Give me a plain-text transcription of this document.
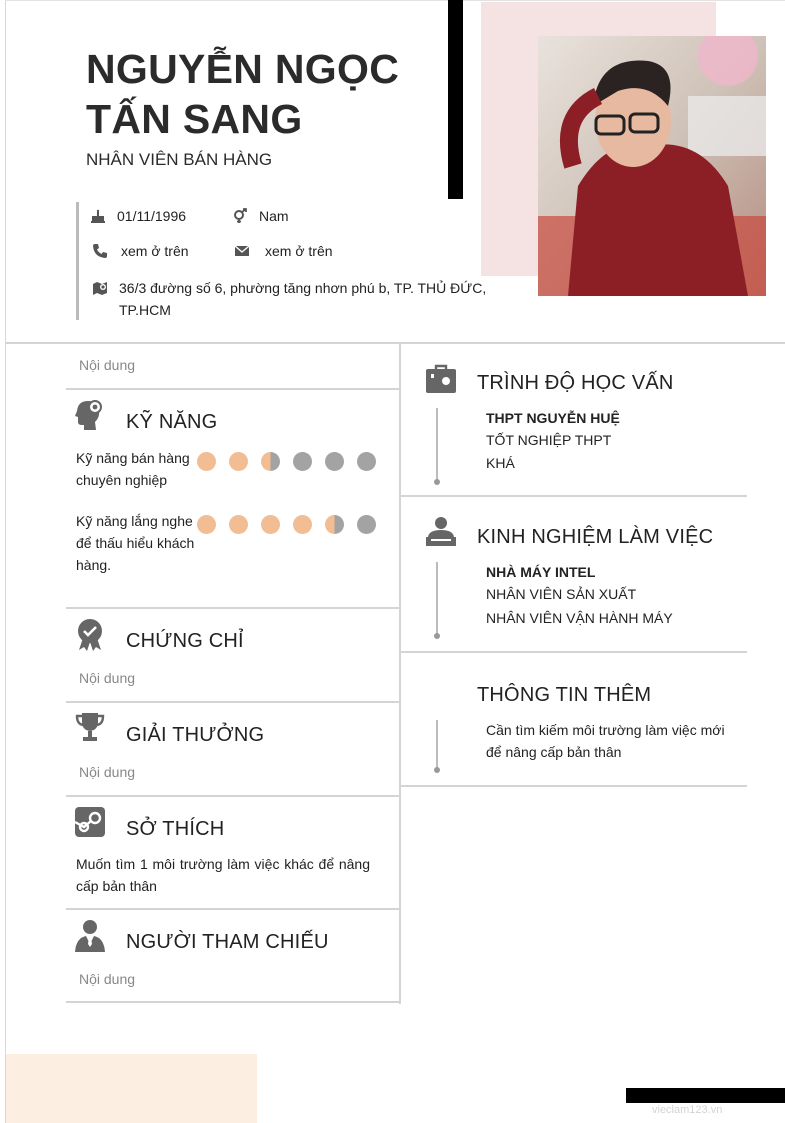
NGUYỄN NGỌC TẤN SANG
NHÂN VIÊN BÁN HÀNG
01/11/1996	Nam
xem ở trên	xem ở trên
36/3 đường số 6, phường tăng nhơn phú b, TP. THỦ ĐỨC, TP.HCM
Nội dung
KỸ NĂNG
Kỹ năng bán hàng chuyên nghiệp
Kỹ năng lắng nghe để thấu hiểu khách hàng.
CHỨNG CHỈ
Nội dung
GIẢI THƯỞNG
Nội dung
SỞ THÍCH
Muốn tìm 1 môi trường làm việc khác để nâng cấp bản thân
NGƯỜI THAM CHIẾU
Nội dung
TRÌNH ĐỘ HỌC VẤN
THPT NGUYỄN HUỆ
TỐT NGHIỆP THPT
KHÁ
KINH NGHIỆM LÀM VIỆC
NHÀ MÁY INTEL
NHÂN VIÊN SẢN XUẤT
NHÂN VIÊN VẬN HÀNH MÁY
THÔNG TIN THÊM
Cần tìm kiếm môi trường làm việc mới để nâng cấp bản thân
vieclam123.vn
